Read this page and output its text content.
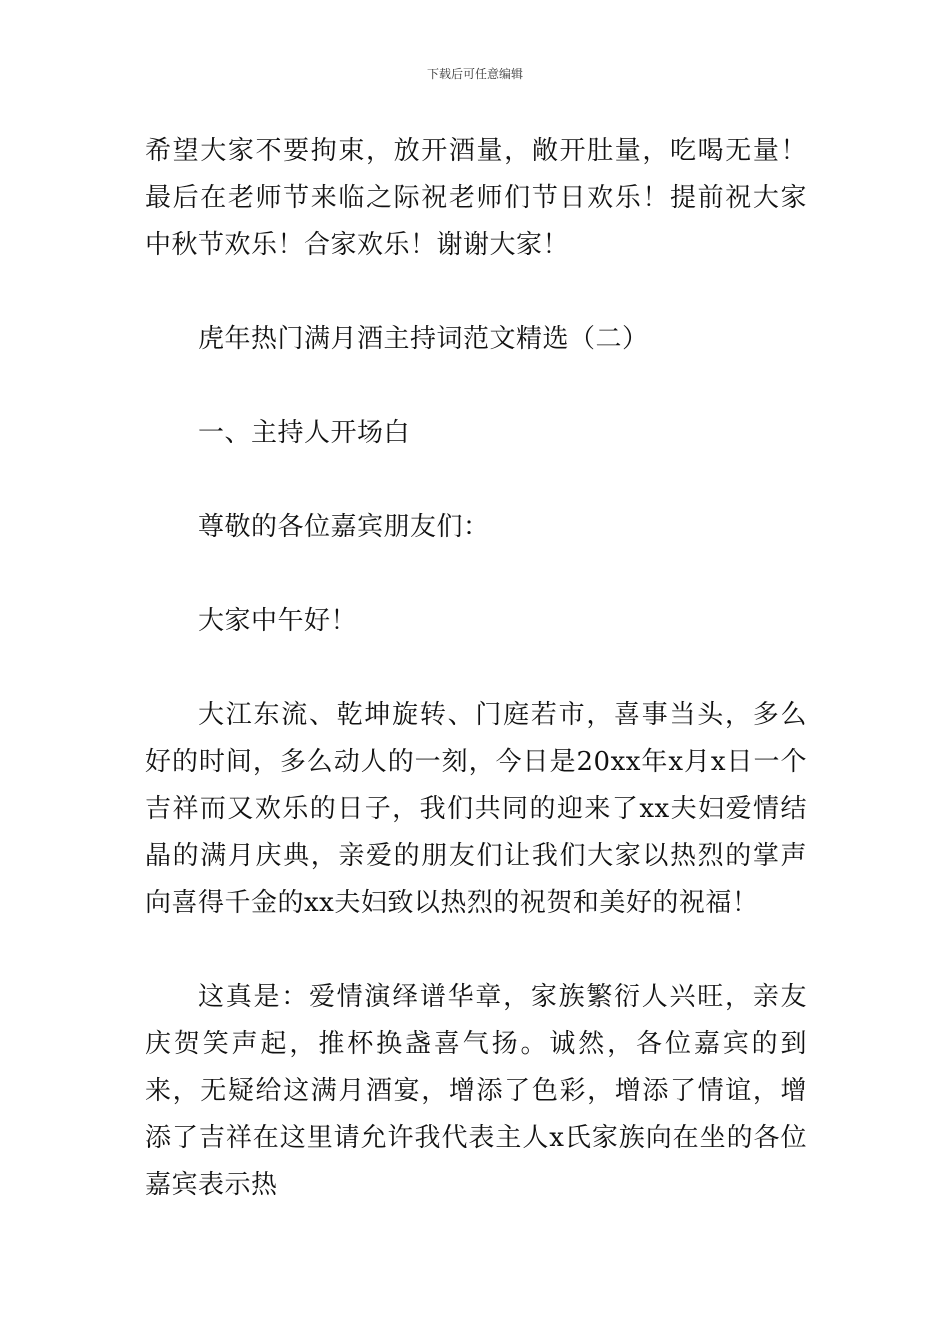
下载后可任意编辑

希望大家不要拘束，放开酒量，敞开肚量，吃喝无量！最后在老师节来临之际祝老师们节日欢乐！提前祝大家中秋节欢乐！合家欢乐！谢谢大家！

虎年热门满月酒主持词范文精选（二）

一、主持人开场白

尊敬的各位嘉宾朋友们：

大家中午好！

大江东流、乾坤旋转、门庭若市，喜事当头，多么好的时间，多么动人的一刻，今日是20xx年x月x日一个吉祥而又欢乐的日子，我们共同的迎来了xx夫妇爱情结晶的满月庆典，亲爱的朋友们让我们大家以热烈的掌声向喜得千金的xx夫妇致以热烈的祝贺和美好的祝福！

这真是：爱情演绎谱华章，家族繁衍人兴旺，亲友庆贺笑声起，推杯换盏喜气扬。诚然，各位嘉宾的到来，无疑给这满月酒宴，增添了色彩，增添了情谊，增添了吉祥在这里请允许我代表主人x氏家族向在坐的各位嘉宾表示热
